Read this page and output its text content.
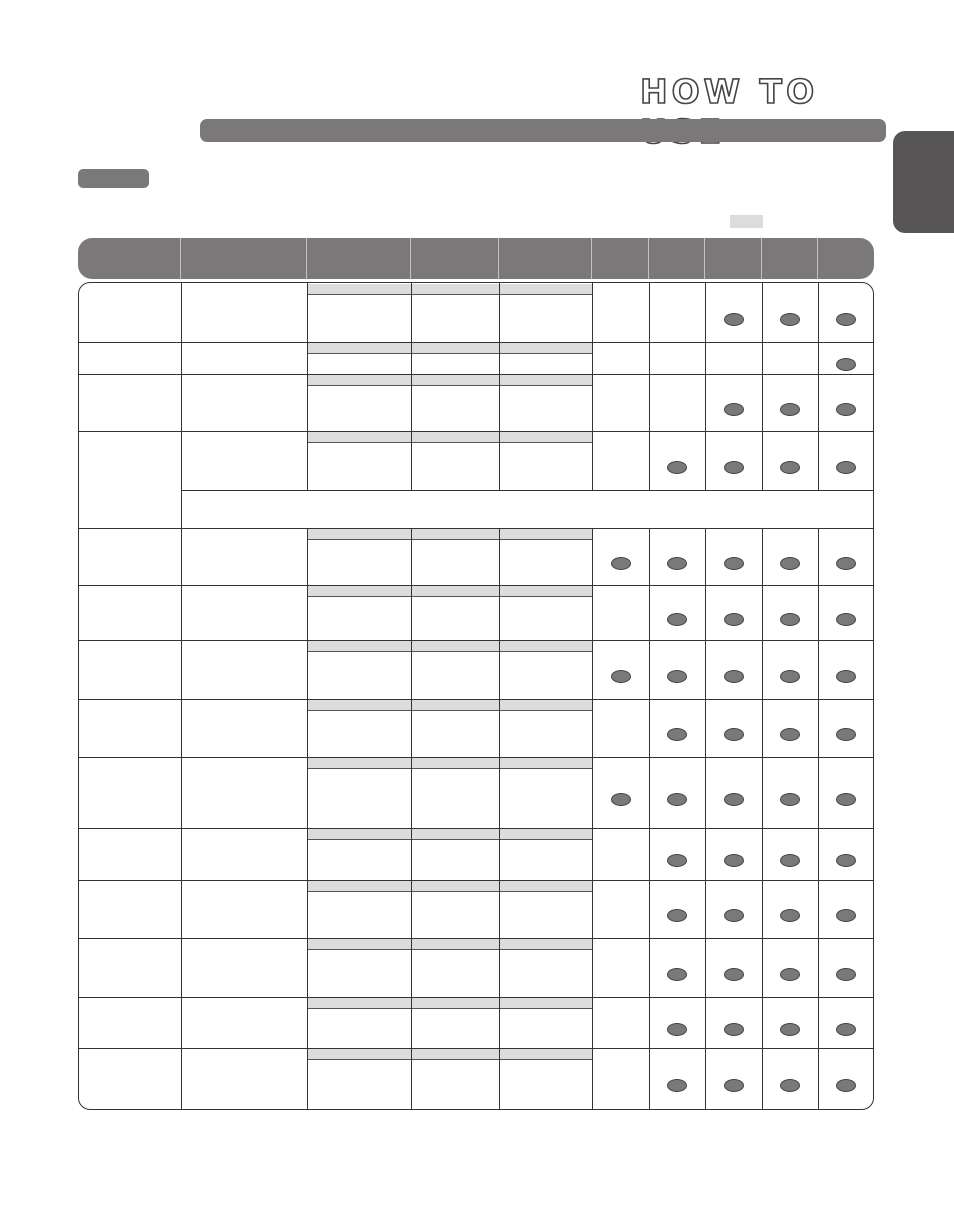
HOW TO
